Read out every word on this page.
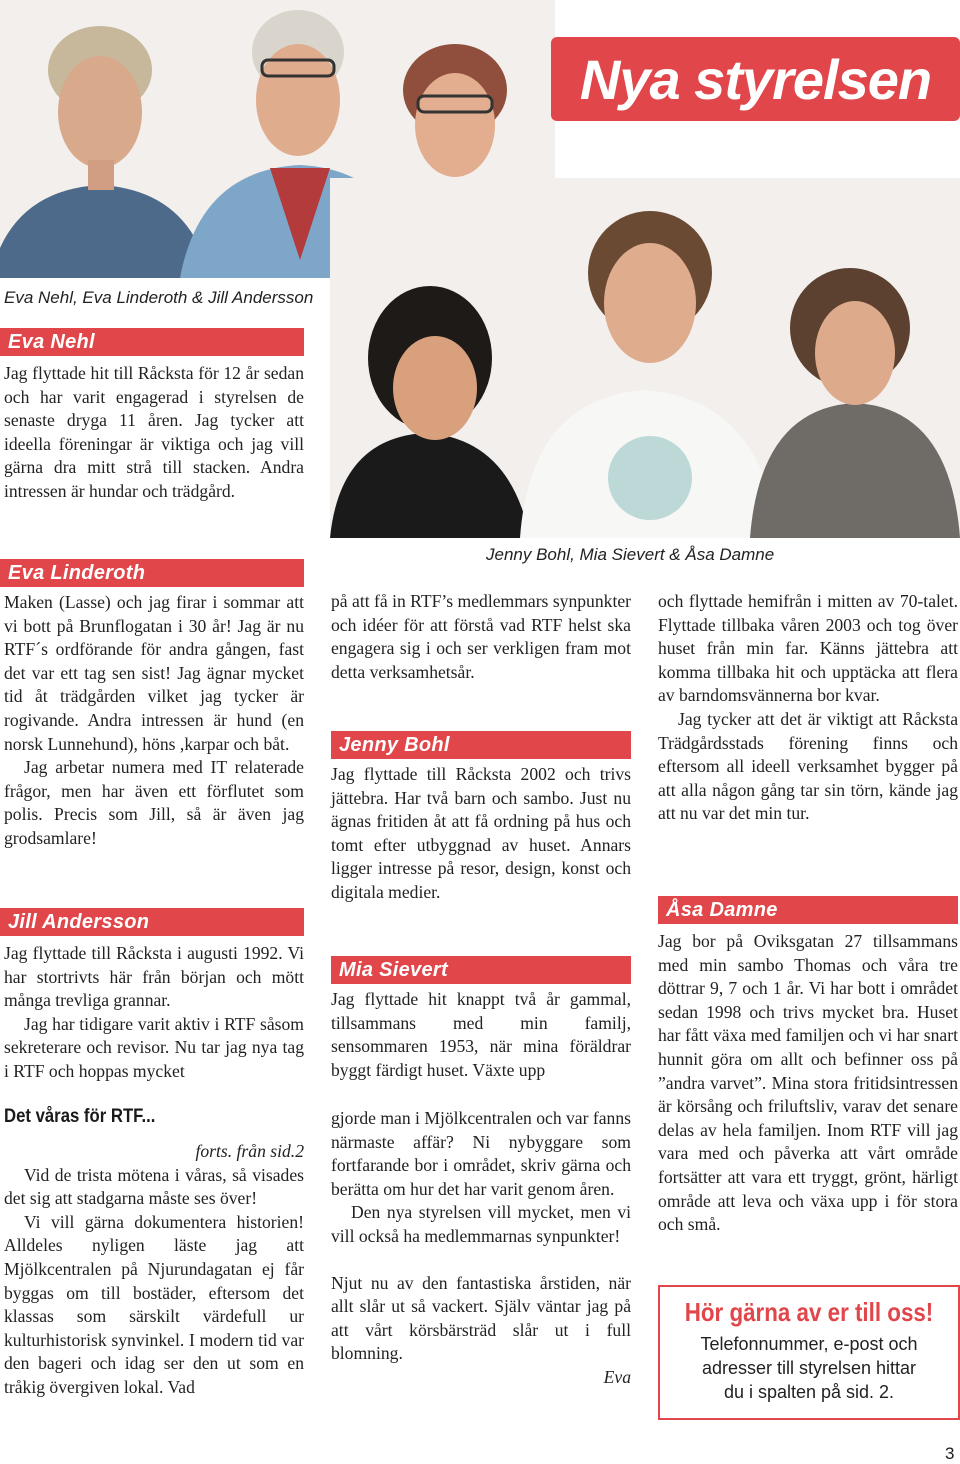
Nya styrelsen
Eva Nehl, Eva Linderoth & Jill Andersson
Jenny Bohl, Mia Sievert & Åsa Damne
Eva Nehl

Jag flyttade hit till Råcksta för 12 år sedan och har varit engagerad i styrelsen de senaste dryga 11 åren. Jag tycker att ideella föreningar är viktiga och jag vill gärna dra mitt strå till stacken. Andra intressen är hundar och trädgård.

Eva Linderoth

Maken (Lasse) och jag firar i sommar att vi bott på Brunflogatan i 30 år! Jag är nu RTF´s ordförande för andra gången, fast det var ett tag sen sist! Jag ägnar mycket tid åt trädgården vilket jag tycker är rogivande. Andra intressen är hund (en norsk Lunnehund), höns ,karpar och båt.

Jag arbetar numera med IT relaterade frågor, men har även ett förflutet som polis. Precis som Jill, så är även jag grodsamlare!

Jill Andersson

Jag flyttade till Råcksta i augusti 1992. Vi har stortrivts här från början och mött många trevliga grannar.

Jag har tidigare varit aktiv i RTF såsom sekreterare och revisor. Nu tar jag nya tag i RTF och hoppas mycket

Det våras för RTF...
forts. från sid.2

Vid de trista mötena i våras, så visades det sig att stadgarna måste ses över!

Vi vill gärna dokumentera historien! Alldeles nyligen läste jag att Mjölkcentralen på Njurundagatan ej får byggas om till bostäder, eftersom det klassas som särskilt värdefull ur kulturhistorisk synvinkel. I modern tid var den bageri och idag ser den ut som en tråkig övergiven lokal. Vad

på att få in RTF’s medlemmars synpunkter och idéer för att förstå vad RTF helst ska engagera sig i och ser verkligen fram mot detta verksamhetsår.

Jenny Bohl

Jag flyttade till Råcksta 2002 och trivs jättebra. Har två barn och sambo. Just nu ägnas fritiden åt att få ordning på hus och tomt efter utbyggnad av huset. Annars ligger intresse på resor, design, konst och digitala medier.

Mia Sievert

Jag flyttade hit knappt två år gammal, tillsammans med min familj, sensommaren 1953, när mina föräldrar byggt färdigt huset. Växte upp

gjorde man i Mjölkcentralen och var fanns närmaste affär? Ni nybyggare som fortfarande bor i området, skriv gärna och berätta om hur det har varit genom åren.

Den nya styrelsen vill mycket, men vi vill också ha medlemmarnas synpunkter!

Njut nu av den fantastiska årstiden, när allt slår ut så vackert. Själv väntar jag på att vårt körsbärsträd slår ut i full blomning.

Eva

och flyttade hemifrån i mitten av 70-talet. Flyttade tillbaka våren 2003 och tog över huset från min far. Känns jättebra att komma tillbaka hit och upptäcka att flera av barndomsvännerna bor kvar.

Jag tycker att det är viktigt att Råcksta Trädgårdsstads förening finns och eftersom all ideell verksamhet bygger på att alla någon gång tar sin törn, kände jag att nu var det min tur.

Åsa Damne

Jag bor på Oviksgatan 27 tillsammans med min sambo Thomas och våra tre döttrar 9, 7 och 1 år. Vi har bott i området sedan 1998 och trivs mycket bra. Huset har fått växa med familjen och vi har snart hunnit göra om allt och befinner oss på ”andra varvet”. Mina stora fritidsintressen är körsång och friluftsliv, varav det senare delas av hela familjen. Inom RTF vill jag vara med och påverka att vårt område fortsätter att vara ett tryggt, grönt, härligt område att leva och växa upp i för stora och små.

Hör gärna av er till oss!
Telefonnummer, e-post och
adresser till styrelsen hittar
du i spalten på sid. 2.
3
